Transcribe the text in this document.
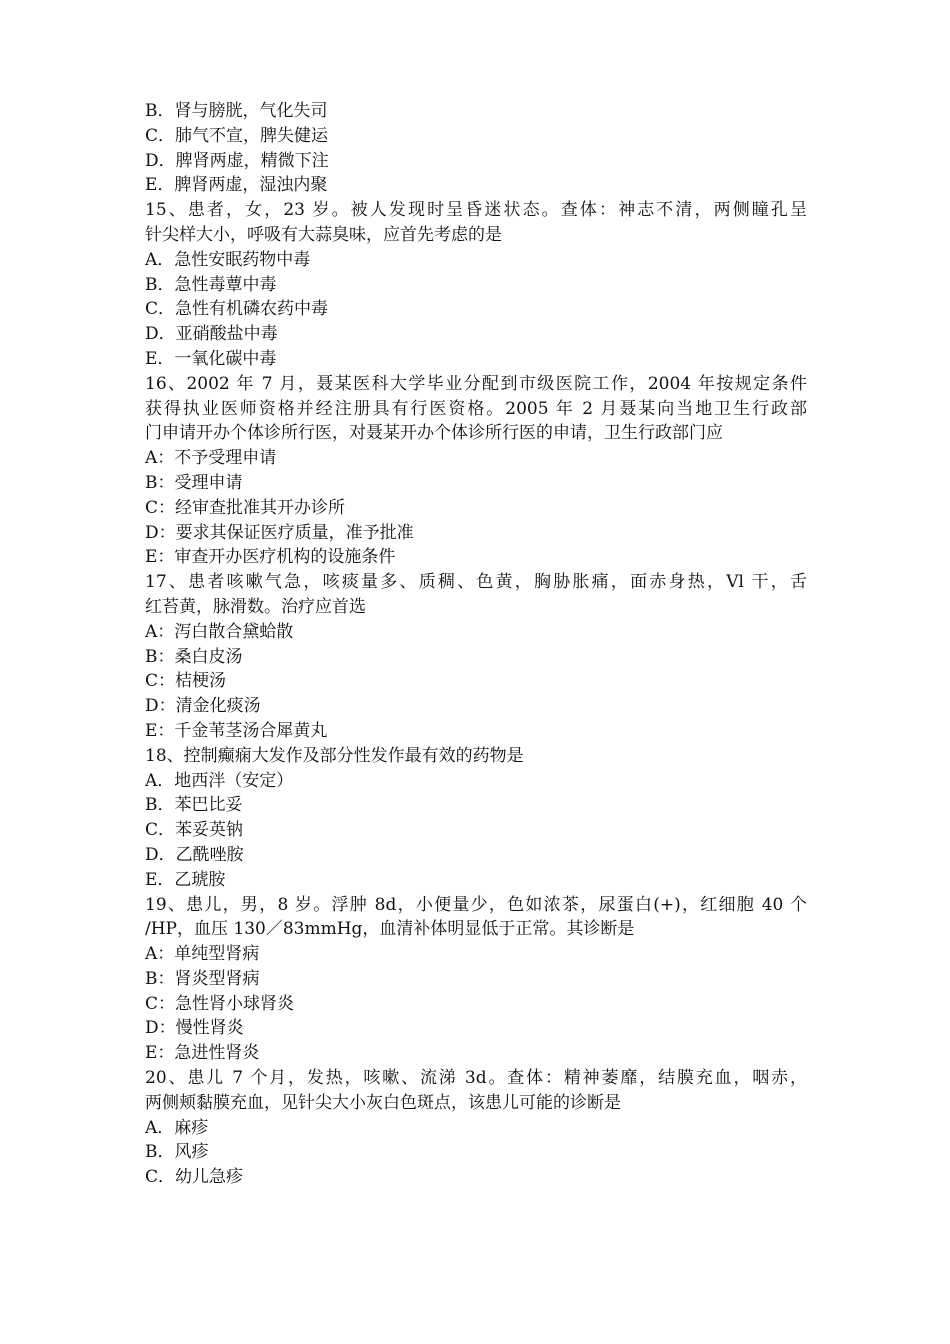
B．肾与膀胱，气化失司
C．肺气不宣，脾失健运
D．脾肾两虚，精微下注
E．脾肾两虚，湿浊内聚
15、患者，女，23 岁。被人发现时呈昏迷状态。查体：神志不清，两侧瞳孔呈
针尖样大小，呼吸有大蒜臭味，应首先考虑的是
A．急性安眠药物中毒
B．急性毒蕈中毒
C．急性有机磷农药中毒
D．亚硝酸盐中毒
E．一氧化碳中毒
16、2002 年 7 月，聂某医科大学毕业分配到市级医院工作，2004 年按规定条件
获得执业医师资格并经注册具有行医资格。2005 年 2 月聂某向当地卫生行政部
门申请开办个体诊所行医，对聂某开办个体诊所行医的申请，卫生行政部门应
A：不予受理申请
B：受理申请
C：经审查批准其开办诊所
D：要求其保证医疗质量，准予批准
E：审查开办医疗机构的设施条件
17、患者咳嗽气急，咳痰量多、质稠、色黄，胸胁胀痛，面赤身热，Vl 干，舌
红苔黄，脉滑数。治疗应首选
A：泻白散合黛蛤散
B：桑白皮汤
C：桔梗汤
D：清金化痰汤
E：千金苇茎汤合犀黄丸
18、控制癫痫大发作及部分性发作最有效的药物是
A．地西泮（安定）
B．苯巴比妥
C．苯妥英钠
D．乙酰唑胺
E．乙琥胺
19、患儿，男，8 岁。浮肿 8d，小便量少，色如浓茶，尿蛋白(+)，红细胞 40 个
/HP，血压 130／83mmHg，血清补体明显低于正常。其诊断是
A：单纯型肾病
B：肾炎型肾病
C：急性肾小球肾炎
D：慢性肾炎
E：急进性肾炎
20、患儿 7 个月，发热，咳嗽、流涕 3d。查体：精神萎靡，结膜充血，咽赤，
两侧颊黏膜充血，见针尖大小灰白色斑点，该患儿可能的诊断是
A．麻疹
B．风疹
C．幼儿急疹
